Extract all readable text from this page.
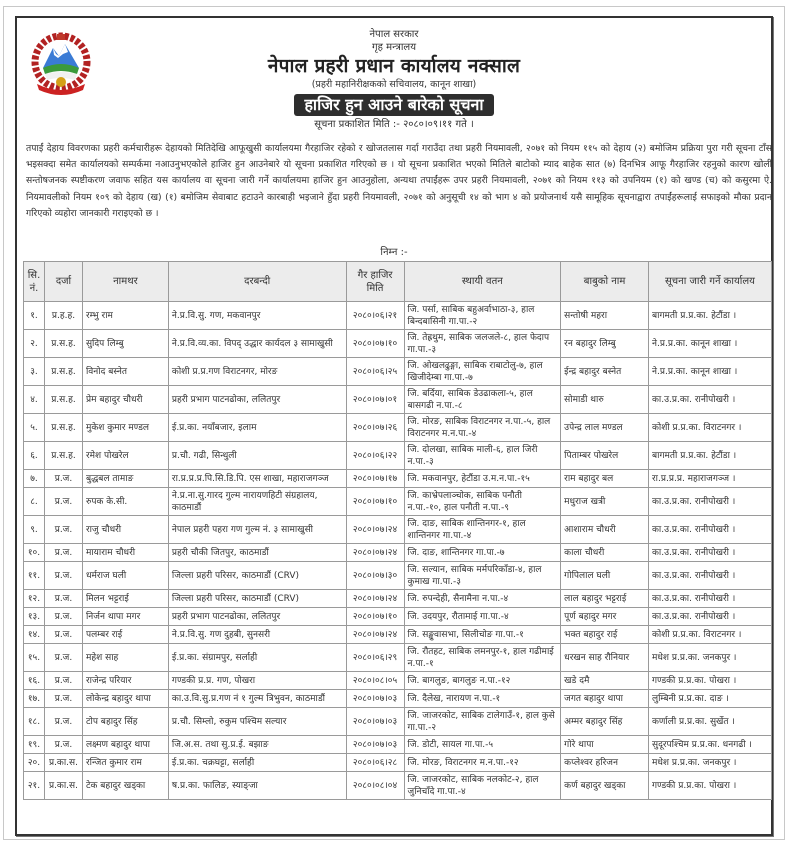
नेपाल सरकार
गृह मन्त्रालय
नेपाल प्रहरी प्रधान कार्यालय नक्साल
(प्रहरी महानिरीक्षकको सचिवालय, कानून शाखा)
हाजिर हुन आउने बारेको सूचना
सूचना प्रकाशित मिति :- २०८०।०९।११ गते ।
तपाईं देहाय विवरणका प्रहरी कर्मचारीहरू देहायको मितिदेखि आफूखुसी कार्यालयमा गैरहाजिर रहेको र खोजतलास गर्दा गराउँदा तथा प्रहरी नियमावली, २०७१ को नियम ११५ को देहाय (२) बमोजिम प्रक्रिया पुरा गरी सूचना टाँस भइसक्दा समेत कार्यालयको सम्पर्कमा नआउनुभएकोले हाजिर हुन आउनेबारे यो सूचना प्रकाशित गरिएको छ । यो सूचना प्रकाशित भएको मितिले बाटोको म्याद बाहेक सात (७) दिनभित्र आफू गैरहाजिर रहनुको कारण खोली सन्तोषजनक स्पष्टीकरण जवाफ सहित यस कार्यालय वा सूचना जारी गर्ने कार्यालयमा हाजिर हुन आउनुहोला, अन्यथा तपाईंहरू उपर प्रहरी नियमावली, २०७१ को नियम ११३ को उपनियम (१) को खण्ड (च) को कसुरमा ऐ. नियमावलीको नियम १०९ को देहाय (ख) (१) बमोजिम सेवाबाट हटाउने कारबाही भइजाने हुँदा प्रहरी नियमावली, २०७१ को अनुसूची १४ को भाग ४ को प्रयोजनार्थ यसै सामूहिक सूचनाद्वारा तपाईंहरूलाई सफाइको मौका प्रदान गरिएको व्यहोरा जानकारी गराइएको छ ।
निम्न :-
सि. नं.	दर्जा	नामथर	दरबन्दी	गैर हाजिर मिति	स्थायी वतन	बाबुको नाम	सूचना जारी गर्ने कार्यालय
१.	प्र.ह.ह.	रम्भु राम	ने.प्र.वि.सु. गण, मकवानपुर	२०८०।०६।२१	जि. पर्सा, साबिक बहुअर्वाभाठा-३, हाल बिन्दबासिनी गा.पा.-२	सन्तोषी महरा	बागमती प्र.प्र.का. हेटौंडा ।
२.	प्र.स.ह.	सुदिप लिम्बु	ने.प्र.वि.व्य.का. विपद् उद्धार कार्यदल ३ सामाखुसी	२०८०।०७।१०	जि. तेह्रथुम, साबिक जलजले-८, हाल फेदाप गा.पा.-३	रन बहादुर लिम्बु	ने.प्र.प्र.का. कानून शाखा ।
३.	प्र.स.ह.	विनोद बस्नेत	कोशी प्र.प्र.गण विराटनगर, मोरङ	२०८०।०६।२५	जि. ओखलढुङ्गा, साबिक राबाटोलु-७, हाल खिजीदेम्बा गा.पा.-७	ईन्द्र बहादुर बस्नेत	ने.प्र.प्र.का. कानून शाखा ।
४.	प्र.स.ह.	प्रेम बहादुर चौधरी	प्रहरी प्रभाग पाटनढोका, ललितपुर	२०८०।०७।०१	जि. बर्दिया, साबिक डेउढाकला-५, हाल बासगढी न.पा.-८	सोमाडी थारु	का.उ.प्र.का. रानीपोखरी ।
५.	प्र.स.ह.	मुकेश कुमार मण्डल	ई.प्र.का. नयाँबजार, इलाम	२०८०।०७।२६	जि. मोरङ, साबिक विराटनगर न.पा.-५, हाल विराटनगर म.न.पा.-४	उपेन्द्र लाल मण्डल	कोशी प्र.प्र.का. विराटनगर ।
६.	प्र.स.ह.	रमेश पोखरेल	प्र.चौ. गढी, सिन्धुली	२०८०।०६।२२	जि. दोलखा, साबिक माली-६, हाल जिरी न.पा.-३	पिताम्बर पोखरेल	बागमती प्र.प्र.का. हेटौंडा ।
७.	प्र.ज.	बुद्धबल तामाङ	रा.प्र.प्र.प्र.पि.सि.डि.पि. एस शाखा, महाराजगञ्ज	२०८०।०७।१७	जि. मकवानपुर, हेटौंडा उ.म.न.पा.-१५	राम बहादुर बल	रा.प्र.प्र.प्र. महाराजगञ्ज ।
८.	प्र.ज.	रुपक के.सी.	ने.प्र.ना.सु.गारद गुल्म नारायणहिटी संग्रहालय, काठमाडौं	२०८०।०७।१०	जि. काभ्रेपलाञ्चोक, साबिक पनौती न.पा.-१०, हाल पनौती न.पा.-९	मधुराज खत्री	का.उ.प्र.का. रानीपोखरी ।
९.	प्र.ज.	राजु चौधरी	नेपाल प्रहरी पहरा गण गुल्म नं. ३ सामाखुसी	२०८०।०७।२४	जि. दाङ, साबिक शान्तिनगर-१, हाल शान्तिनगर गा.पा.-४	आशाराम चौधरी	का.उ.प्र.का. रानीपोखरी ।
१०.	प्र.ज.	मायाराम चौधरी	प्रहरी चौकी जितपुर, काठमाडौं	२०८०।०७।२४	जि. दाङ, शान्तिनगर गा.पा.-७	काला चौधरी	का.उ.प्र.का. रानीपोखरी ।
११.	प्र.ज.	धर्मराज घली	जिल्ला प्रहरी परिसर, काठमाडौं (CRV)	२०८०।०७।३०	जि. सल्यान, साबिक मर्मपरिकाँडा-४, हाल कुमाख गा.पा.-३	गोपिलाल घली	का.उ.प्र.का. रानीपोखरी ।
१२.	प्र.ज.	मिलन भट्टराई	जिल्ला प्रहरी परिसर, काठमाडौं (CRV)	२०८०।०७।२४	जि. रुपन्देही, सैनामैना न.पा.-४	लाल बहादुर भट्टराई	का.उ.प्र.का. रानीपोखरी ।
१३.	प्र.ज.	निर्जन थापा मगर	प्रहरी प्रभाग पाटनढोका, ललितपुर	२०८०।०७।१०	जि. उदयपुर, रौतामाई गा.पा.-४	पूर्ण बहादुर मगर	का.उ.प्र.का. रानीपोखरी ।
१४.	प्र.ज.	पलम्बर राई	ने.प्र.वि.सु. गण दुहबी, सुनसरी	२०८०।०७।२४	जि. सङ्खुवासभा, सिलीचोङ गा.पा.-१	भक्त बहादुर राई	कोशी प्र.प्र.का. विराटनगर ।
१५.	प्र.ज.	महेश साह	ई.प्र.का. संग्रामपुर, सर्लाही	२०८०।०६।२९	जि. रौतहट, साबिक लमनपुर-१, हाल गढीमाई न.पा.-१	धरखन साह रौनियार	मधेश प्र.प्र.का. जनकपुर ।
१६.	प्र.ज.	राजेन्द्र परियार	गण्डकी प्र.प्र. गण, पोखरा	२०८०।०८।०५	जि. बागलुङ, बागलुङ न.पा.-१२	खडे दमै	गण्डकी प्र.प्र.का. पोखरा ।
१७.	प्र.ज.	लोकेन्द्र बहादुर थापा	का.उ.वि.सु.प्र.गण नं १ गुल्म त्रिभुवन, काठमाडौं	२०८०।०७।०३	जि. दैलेख, नारायण न.पा.-१	जगत बहादुर थापा	लुम्बिनी प्र.प्र.का. दाङ ।
१८.	प्र.ज.	टोप बहादुर सिंह	प्र.चौ. सिम्लो, रुकुम पश्चिम सल्यार	२०८०।०७।०३	जि. जाजरकोट, साबिक टालेगाउँ-१, हाल कुसे गा.पा.-२	अम्मर बहादुर सिंह	कर्णाली प्र.प्र.का. सुर्खेत ।
१९.	प्र.ज.	लक्ष्मण बहादुर थापा	जि.अ.स. तथा सु.प्र.ई. बझाङ	२०८०।०७।०३	जि. डोटी, सायल गा.पा.-५	गोरे थापा	सुदूरपश्चिम प्र.प्र.का. धनगढी ।
२०.	प्र.का.स.	रन्जित कुमार राम	ई.प्र.का. चक्रघट्टा, सर्लाही	२०८०।०६।२८	जि. मोरङ, विराटनगर म.न.पा.-१२	कप्लेश्वर हरिजन	मधेश प्र.प्र.का. जनकपुर ।
२१.	प्र.का.स.	टेक बहादुर खड्का	ष.प्र.का. फालिङ, स्याङ्जा	२०८०।०८।०४	जि. जाजरकोट, साबिक नलकोट-२, हाल जुनिचाँदे गा.पा.-४	कर्ण बहादुर खड्का	गण्डकी प्र.प्र.का. पोखरा ।
